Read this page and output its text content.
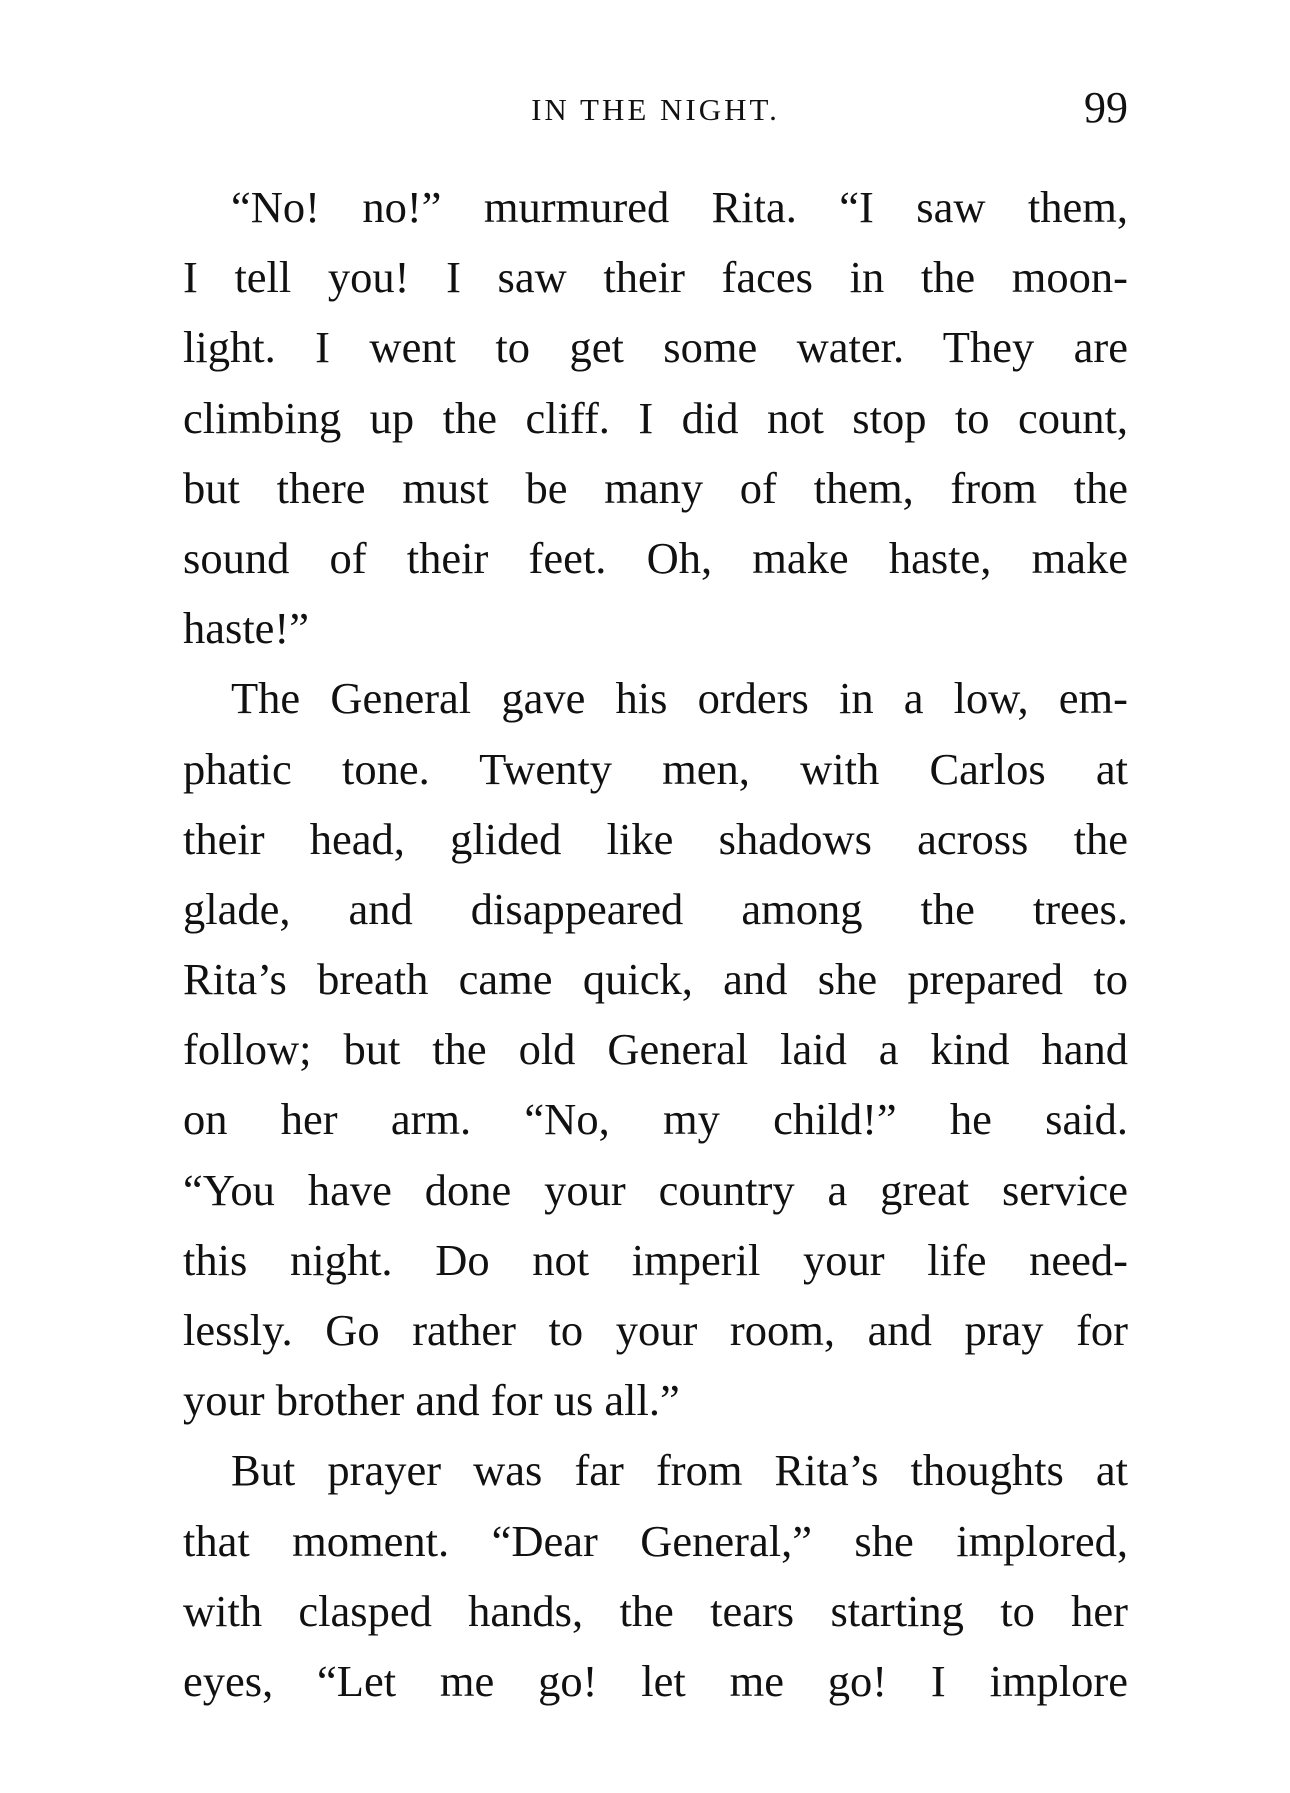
IN THE NIGHT.	99
“No! no!” murmured Rita. “I saw them,
I tell you! I saw their faces in the moon-
light. I went to get some water. They are
climbing up the cliff. I did not stop to count,
but there must be many of them, from the
sound of their feet. Oh, make haste, make
haste!”
The General gave his orders in a low, em-
phatic tone. Twenty men, with Carlos at
their head, glided like shadows across the
glade, and disappeared among the trees.
Rita’s breath came quick, and she prepared to
follow; but the old General laid a kind hand
on her arm. “No, my child!” he said.
“You have done your country a great service
this night. Do not imperil your life need-
lessly. Go rather to your room, and pray for
your brother and for us all.”
But prayer was far from Rita’s thoughts at
that moment. “Dear General,” she implored,
with clasped hands, the tears starting to her
eyes, “Let me go! let me go! I implore
